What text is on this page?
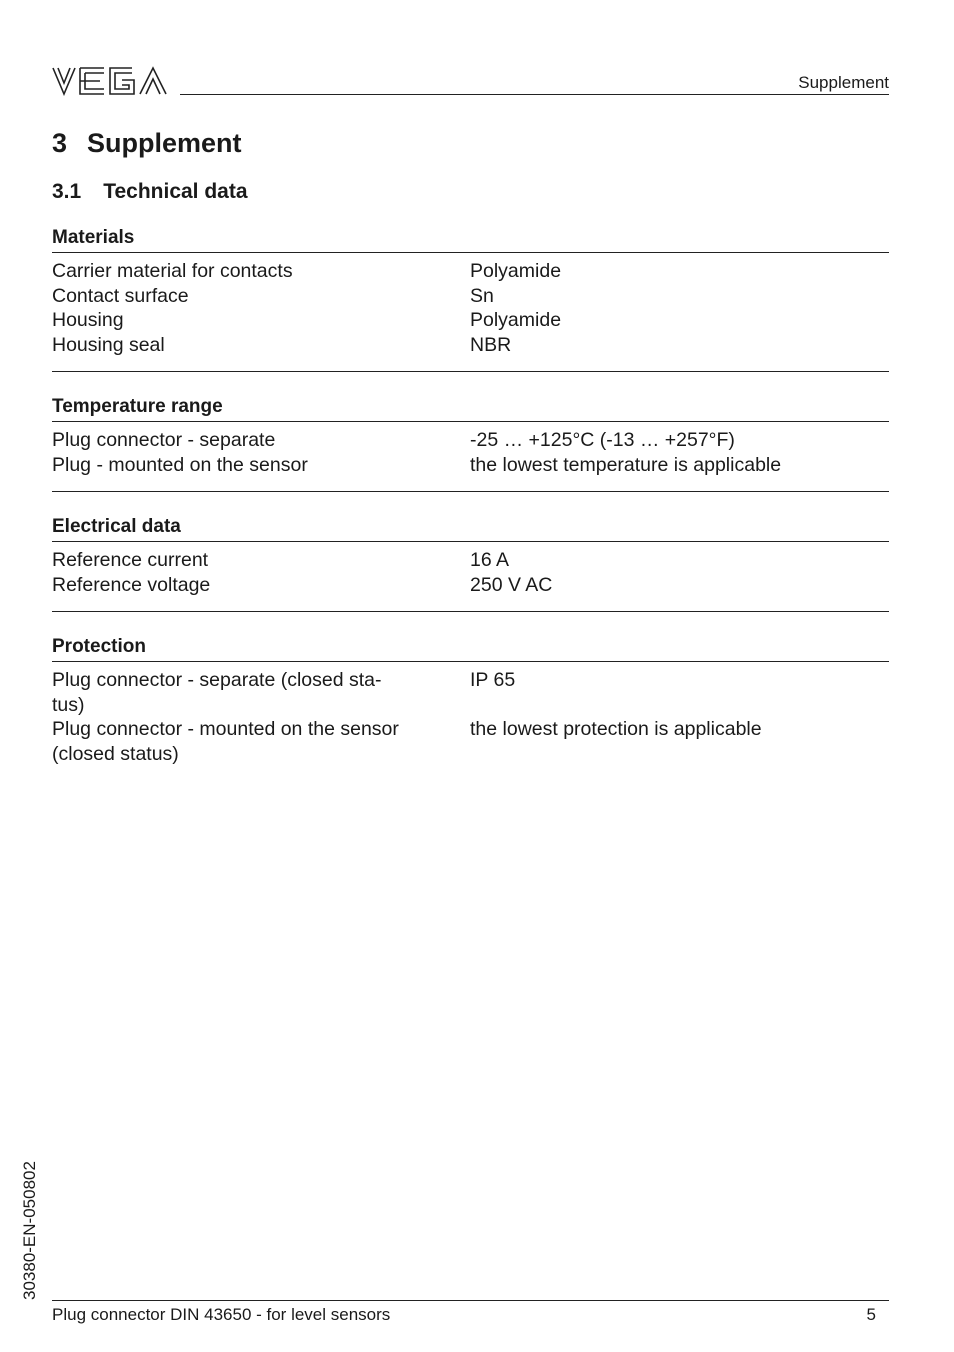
Supplement
3 Supplement
3.1 Technical data
Materials
Carrier material for contacts	Polyamide
Contact surface	Sn
Housing	Polyamide
Housing seal	NBR
Temperature range
Plug connector - separate	-25 … +125°C (-13 … +257°F)
Plug - mounted on the sensor	the lowest temperature is applicable
Electrical data
Reference current	16 A
Reference voltage	250 V AC
Protection
Plug connector - separate (closed sta-	IP 65
tus)
Plug connector - mounted on the sensor	the lowest protection is applicable
(closed status)
30380-EN-050802
Plug connector DIN 43650 - for level sensors	5
